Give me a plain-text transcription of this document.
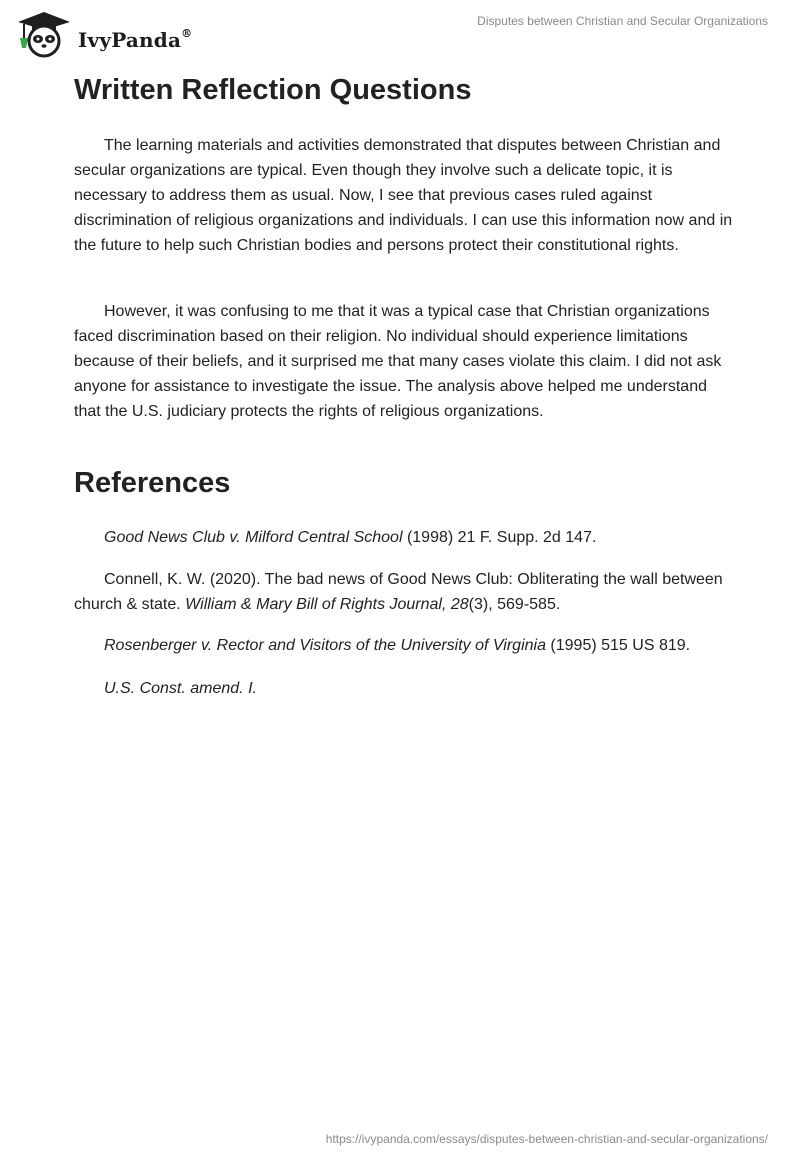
IvyPanda®
Disputes between Christian and Secular Organizations
Written Reflection Questions

The learning materials and activities demonstrated that disputes between Christian and secular organizations are typical. Even though they involve such a delicate topic, it is necessary to address them as usual. Now, I see that previous cases ruled against discrimination of religious organizations and individuals. I can use this information now and in the future to help such Christian bodies and persons protect their constitutional rights.

However, it was confusing to me that it was a typical case that Christian organizations faced discrimination based on their religion. No individual should experience limitations because of their beliefs, and it surprised me that many cases violate this claim. I did not ask anyone for assistance to investigate the issue. The analysis above helped me understand that the U.S. judiciary protects the rights of religious organizations.

References

Good News Club v. Milford Central School (1998) 21 F. Supp. 2d 147.

Connell, K. W. (2020). The bad news of Good News Club: Obliterating the wall between church & state. William & Mary Bill of Rights Journal, 28(3), 569-585.

Rosenberger v. Rector and Visitors of the University of Virginia (1995) 515 US 819.

U.S. Const. amend. I.

https://ivypanda.com/essays/disputes-between-christian-and-secular-organizations/
